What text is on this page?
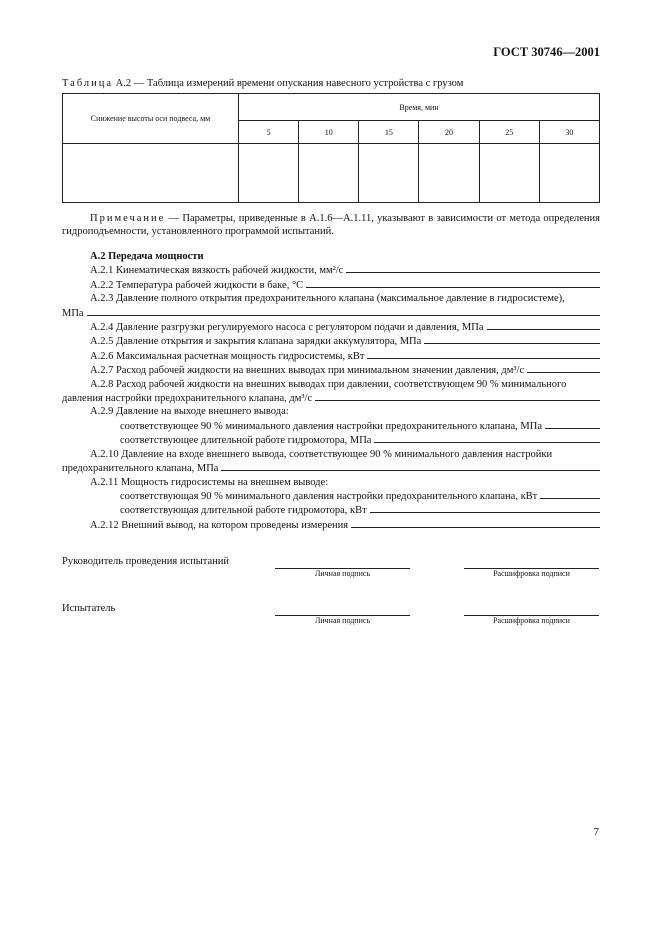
ГОСТ 30746—2001
Таблица А.2 — Таблица измерений времени опускания навесного устройства с грузом
Снижение высоты оси подвеса, мм	Время, мин					
	5	10	15	20	25	30

Примечание — Параметры, приведенные в А.1.6—А.1.11, указывают в зависимости от метода определения гидроподъемности, установленного программой испытаний.
А.2 Передача мощности
А.2.1 Кинематическая вязкость рабочей жидкости, мм²/с
А.2.2 Температура рабочей жидкости в баке, °С
А.2.3 Давление полного открытия предохранительного клапана (максимальное давление в гидросистеме),
МПа
А.2.4 Давление разгрузки регулируемого насоса с регулятором подачи и давления, МПа
А.2.5 Давление открытия и закрытия клапана зарядки аккумулятора, МПа
А.2.6 Максимальная расчетная мощность гидросистемы, кВт
А.2.7 Расход рабочей жидкости на внешних выводах при минимальном значении давления, дм³/с
А.2.8 Расход рабочей жидкости на внешних выводах при давлении, соответствующем 90 % минимального
давления настройки предохранительного клапана, дм³/с
А.2.9 Давление на выходе внешнего вывода:
соответствующее 90 % минимального давления настройки предохранительного клапана, МПа
соответствующее длительной работе гидромотора, МПа
А.2.10 Давление на входе внешнего вывода, соответствующее 90 % минимального давления настройки
предохранительного клапана, МПа
А.2.11 Мощность гидросистемы на внешнем выводе:
соответствующая 90 % минимального давления настройки предохранительного клапана, кВт
соответствующая длительной работе гидромотора, кВт
А.2.12 Внешний вывод, на котором проведены измерения
Руководитель проведения испытаний
Личная подпись	Расшифровка подписи
Испытатель
Личная подпись	Расшифровка подписи
7
